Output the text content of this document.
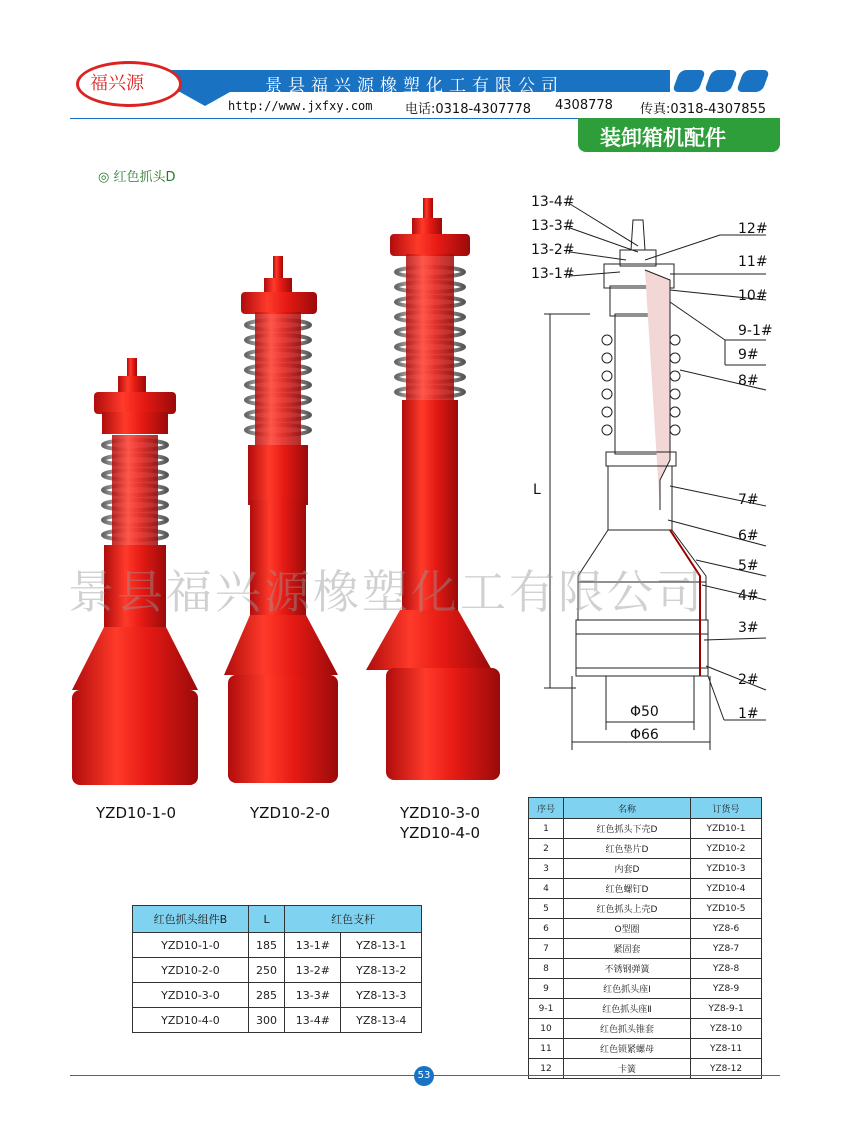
福兴源	↘
景县福兴源橡塑化工有限公司
http://www.jxfxy.com	电话:0318-4307778 4308778 传真:0318-4307855
装卸箱机配件
◎ 红色抓头D
YZD10-1-0	YZD10-2-0	YZD10-3-0
YZD10-4-0
13-4#
13-3#
13-2#
13-1#
12#
11#
10#
9-1#
9#
8#
7#
6#
5#
4#
3#
2#
1#
L
Φ50
Φ66
景县福兴源橡塑化工有限公司
红色抓头组件B	L	红色支杆	
YZD10-1-0	185	13-1#	YZ8-13-1
YZD10-2-0	250	13-2#	YZ8-13-2
YZD10-3-0	285	13-3#	YZ8-13-3
YZD10-4-0	300	13-4#	YZ8-13-4
序号	名称	订货号
1	红色抓头下壳D	YZD10-1
2	红色垫片D	YZD10-2
3	内套D	YZD10-3
4	红色螺钉D	YZD10-4
5	红色抓头上壳D	YZD10-5
6	O型圈	YZ8-6
7	紧固套	YZ8-7
8	不锈钢弹簧	YZ8-8
9	红色抓头座Ⅰ	YZ8-9
9-1	红色抓头座Ⅱ	YZ8-9-1
10	红色抓头锥套	YZ8-10
11	红色锁紧螺母	YZ8-11
12	卡簧	YZ8-12
53
